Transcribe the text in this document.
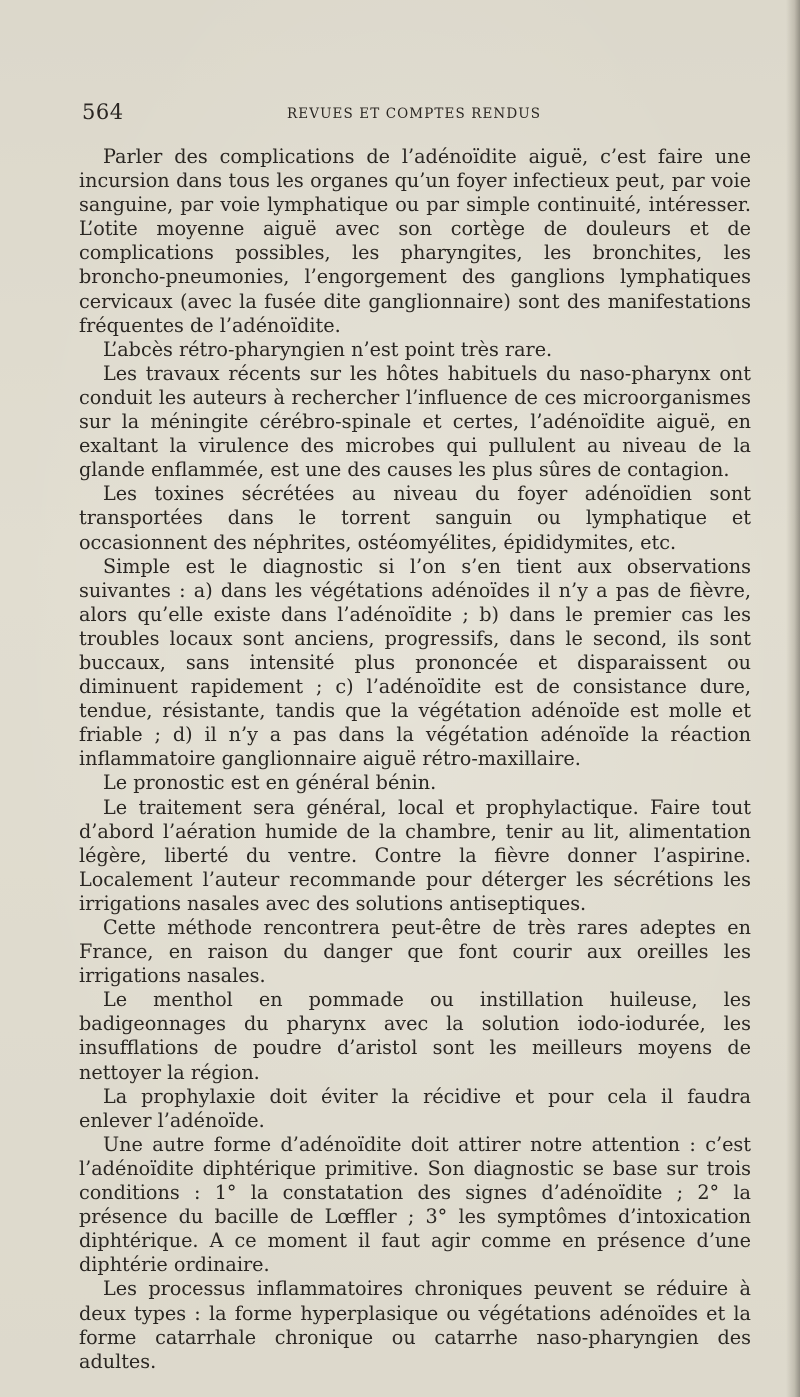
564	REVUES ET COMPTES RENDUS

Parler des complications de l’adénoïdite aiguë, c’est faire une incursion dans tous les organes qu’un foyer infectieux peut, par voie sanguine, par voie lymphatique ou par simple continuité, intéresser. L’otite moyenne aiguë avec son cortège de douleurs et de complications possibles, les pharyngites, les bronchites, les broncho-pneumonies, l’engorgement des ganglions lymphatiques cervicaux (avec la fusée dite ganglionnaire) sont des manifestations fréquentes de l’adénoïdite.

L’abcès rétro-pharyngien n’est point très rare.

Les travaux récents sur les hôtes habituels du naso-pharynx ont conduit les auteurs à rechercher l’influence de ces microorganismes sur la méningite cérébro-spinale et certes, l’adénoïdite aiguë, en exaltant la virulence des microbes qui pullulent au niveau de la glande enflammée, est une des causes les plus sûres de contagion.

Les toxines sécrétées au niveau du foyer adénoïdien sont transportées dans le torrent sanguin ou lymphatique et occasionnent des néphrites, ostéomyélites, épididymites, etc.

Simple est le diagnostic si l’on s’en tient aux observations suivantes : a) dans les végétations adénoïdes il n’y a pas de fièvre, alors qu’elle existe dans l’adénoïdite ; b) dans le premier cas les troubles locaux sont anciens, progressifs, dans le second, ils sont buccaux, sans intensité plus prononcée et disparaissent ou diminuent rapidement ; c) l’adénoïdite est de consistance dure, tendue, résistante, tandis que la végétation adénoïde est molle et friable ; d) il n’y a pas dans la végétation adénoïde la réaction inflammatoire ganglionnaire aiguë rétro-maxillaire.

Le pronostic est en général bénin.

Le traitement sera général, local et prophylactique. Faire tout d’abord l’aération humide de la chambre, tenir au lit, alimentation légère, liberté du ventre. Contre la fièvre donner l’aspirine. Localement l’auteur recommande pour déterger les sécrétions les irrigations nasales avec des solutions antiseptiques.

Cette méthode rencontrera peut-être de très rares adeptes en France, en raison du danger que font courir aux oreilles les irrigations nasales.

Le menthol en pommade ou instillation huileuse, les badigeonnages du pharynx avec la solution iodo-iodurée, les insufflations de poudre d’aristol sont les meilleurs moyens de nettoyer la région.

La prophylaxie doit éviter la récidive et pour cela il faudra enlever l’adénoïde.

Une autre forme d’adénoïdite doit attirer notre attention : c’est l’adénoïdite diphtérique primitive. Son diagnostic se base sur trois conditions : 1° la constatation des signes d’adénoïdite ; 2° la présence du bacille de Lœffler ; 3° les symptômes d’intoxication diphtérique. A ce moment il faut agir comme en présence d’une diphtérie ordinaire.

Les processus inflammatoires chroniques peuvent se réduire à deux types : la forme hyperplasique ou végétations adénoïdes et la forme catarrhale chronique ou catarrhe naso-pharyngien des adultes.
